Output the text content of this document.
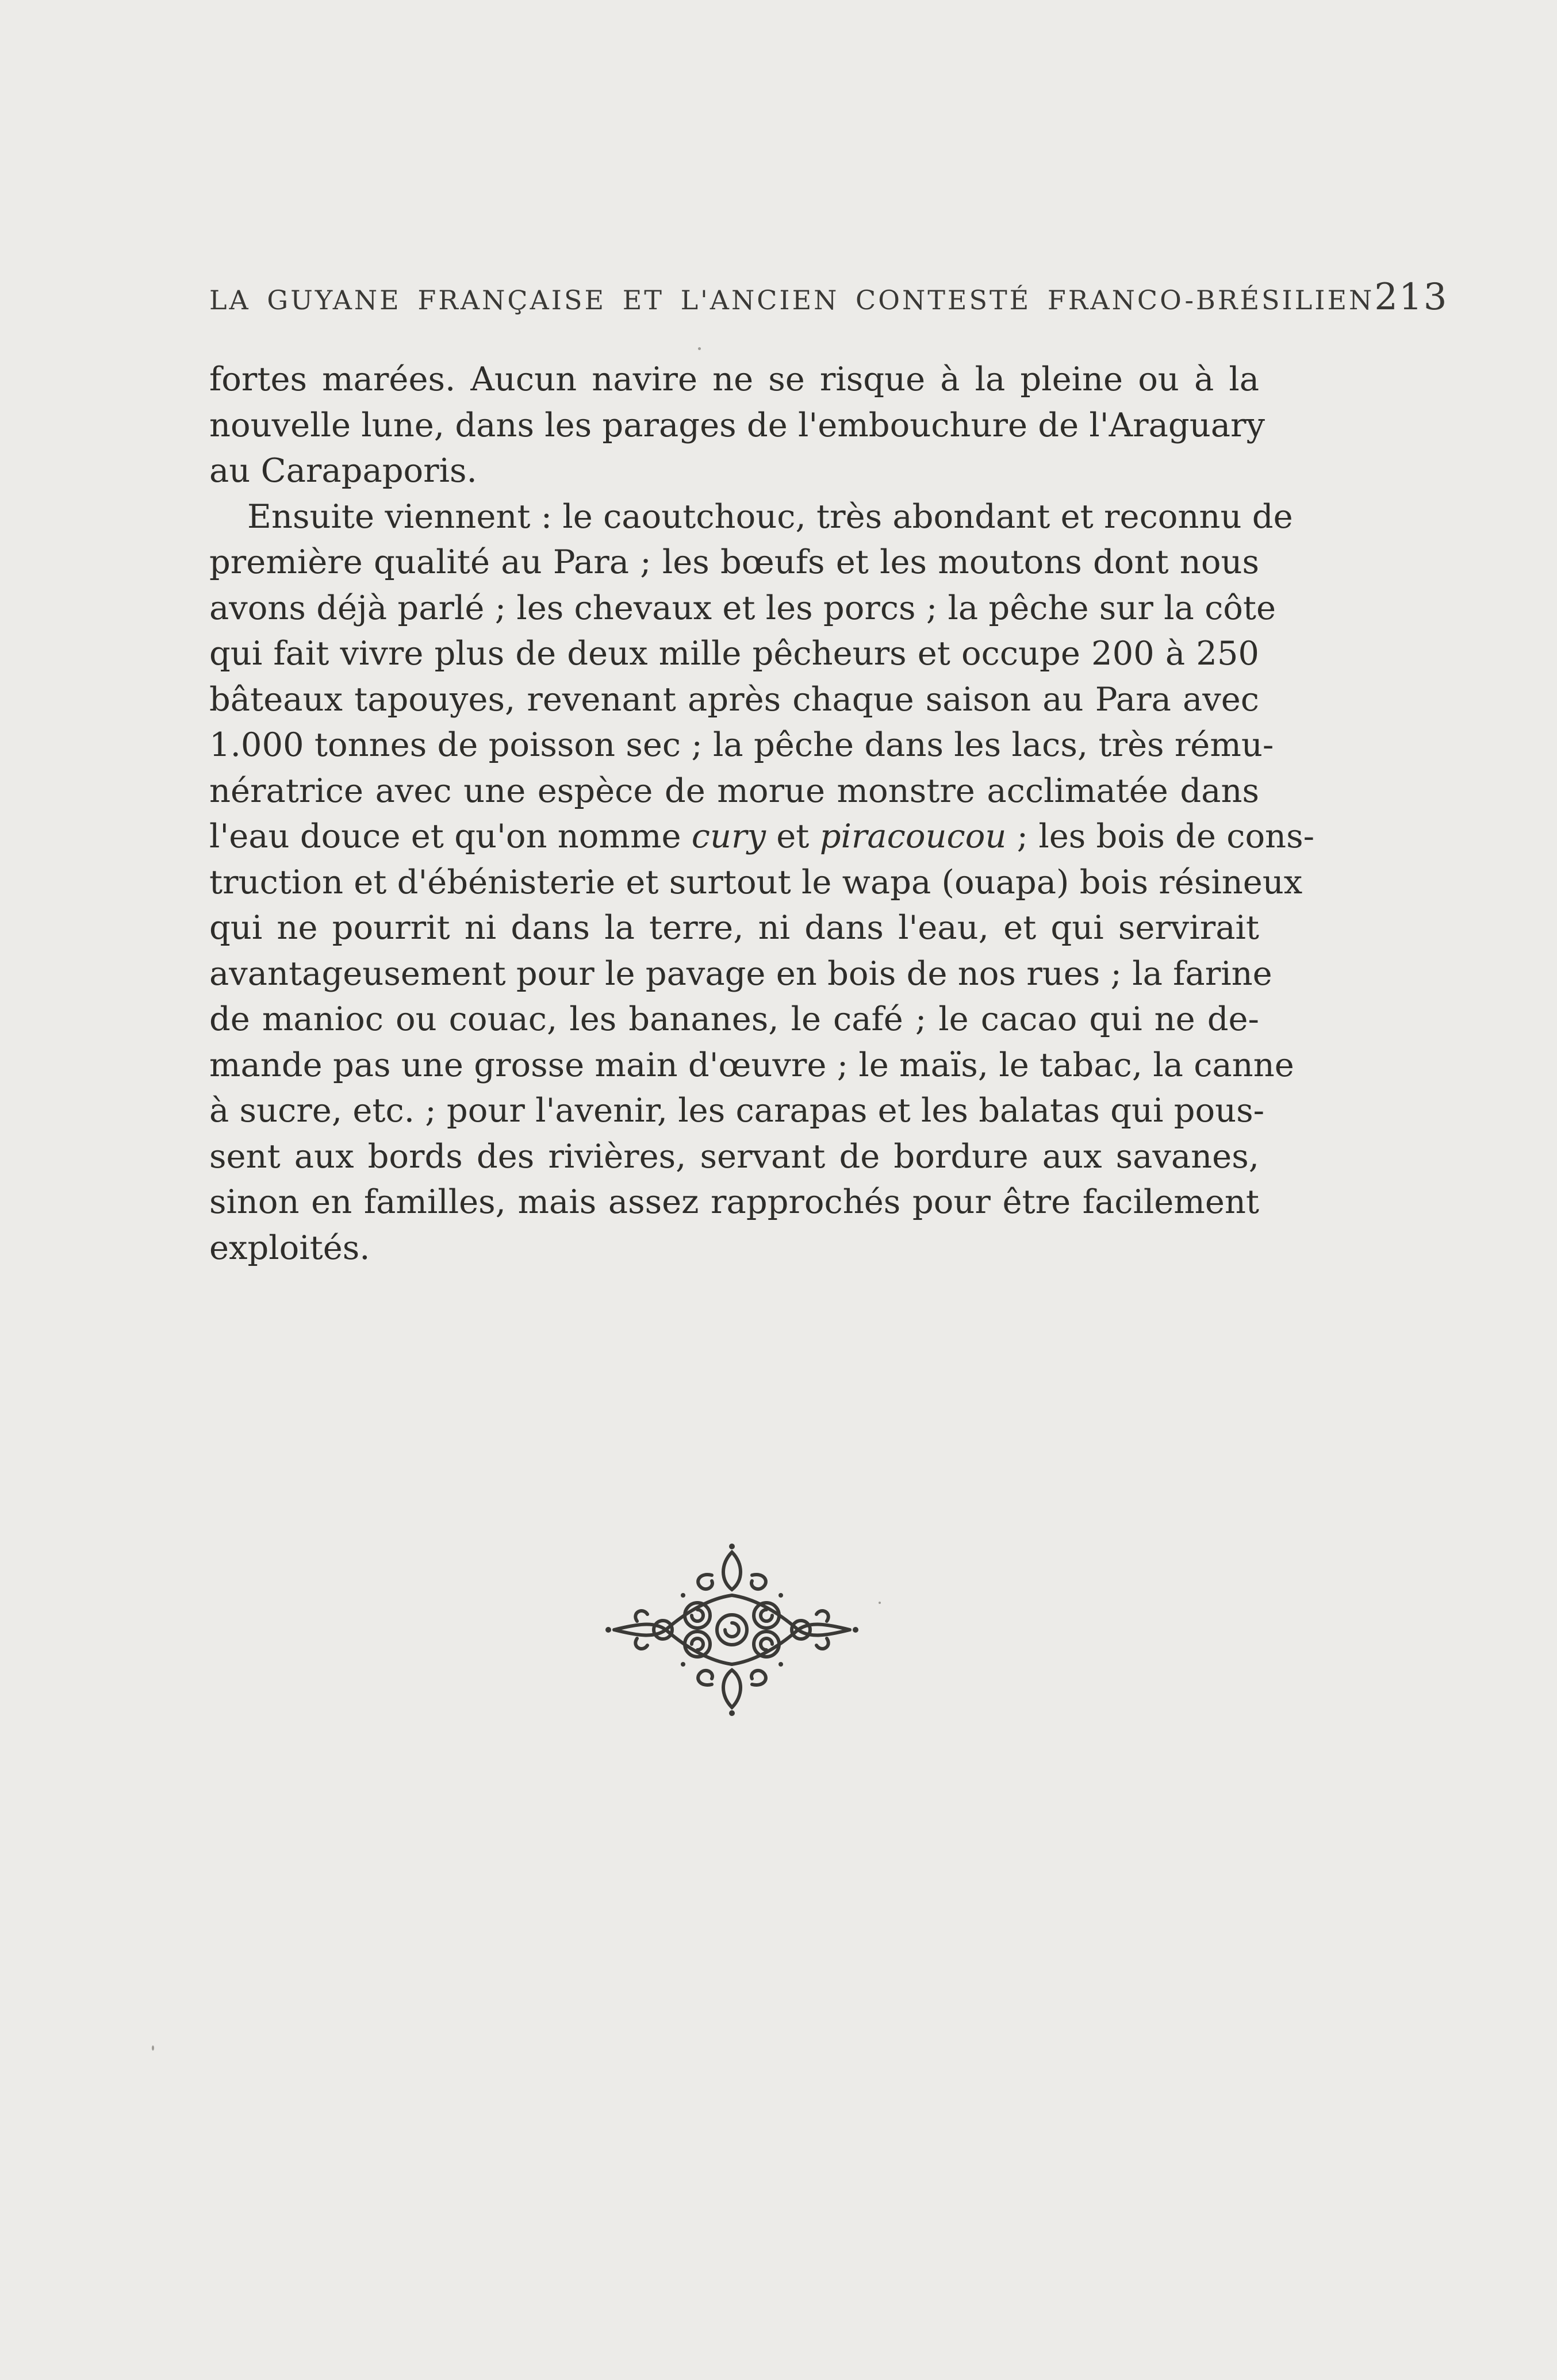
LA GUYANE FRANÇAISE ET L'ANCIEN CONTESTÉ FRANCO-BRÉSILIEN 213
fortes marées. Aucun navire ne se risque à la pleine ou à la
nouvelle lune, dans les parages de l'embouchure de l'Araguary
au Carapaporis.
Ensuite viennent : le caoutchouc, très abondant et reconnu de
première qualité au Para ; les bœufs et les moutons dont nous
avons déjà parlé ; les chevaux et les porcs ; la pêche sur la côte
qui fait vivre plus de deux mille pêcheurs et occupe 200 à 250
bâteaux tapouyes, revenant après chaque saison au Para avec
1.000 tonnes de poisson sec ; la pêche dans les lacs, très rému-
nératrice avec une espèce de morue monstre acclimatée dans
l'eau douce et qu'on nomme cury et piracoucou ; les bois de cons-
truction et d'ébénisterie et surtout le wapa (ouapa) bois résineux
qui ne pourrit ni dans la terre, ni dans l'eau, et qui servirait
avantageusement pour le pavage en bois de nos rues ; la farine
de manioc ou couac, les bananes, le café ; le cacao qui ne de-
mande pas une grosse main d'œuvre ; le maïs, le tabac, la canne
à sucre, etc. ; pour l'avenir, les carapas et les balatas qui pous-
sent aux bords des rivières, servant de bordure aux savanes,
sinon en familles, mais assez rapprochés pour être facilement
exploités.
